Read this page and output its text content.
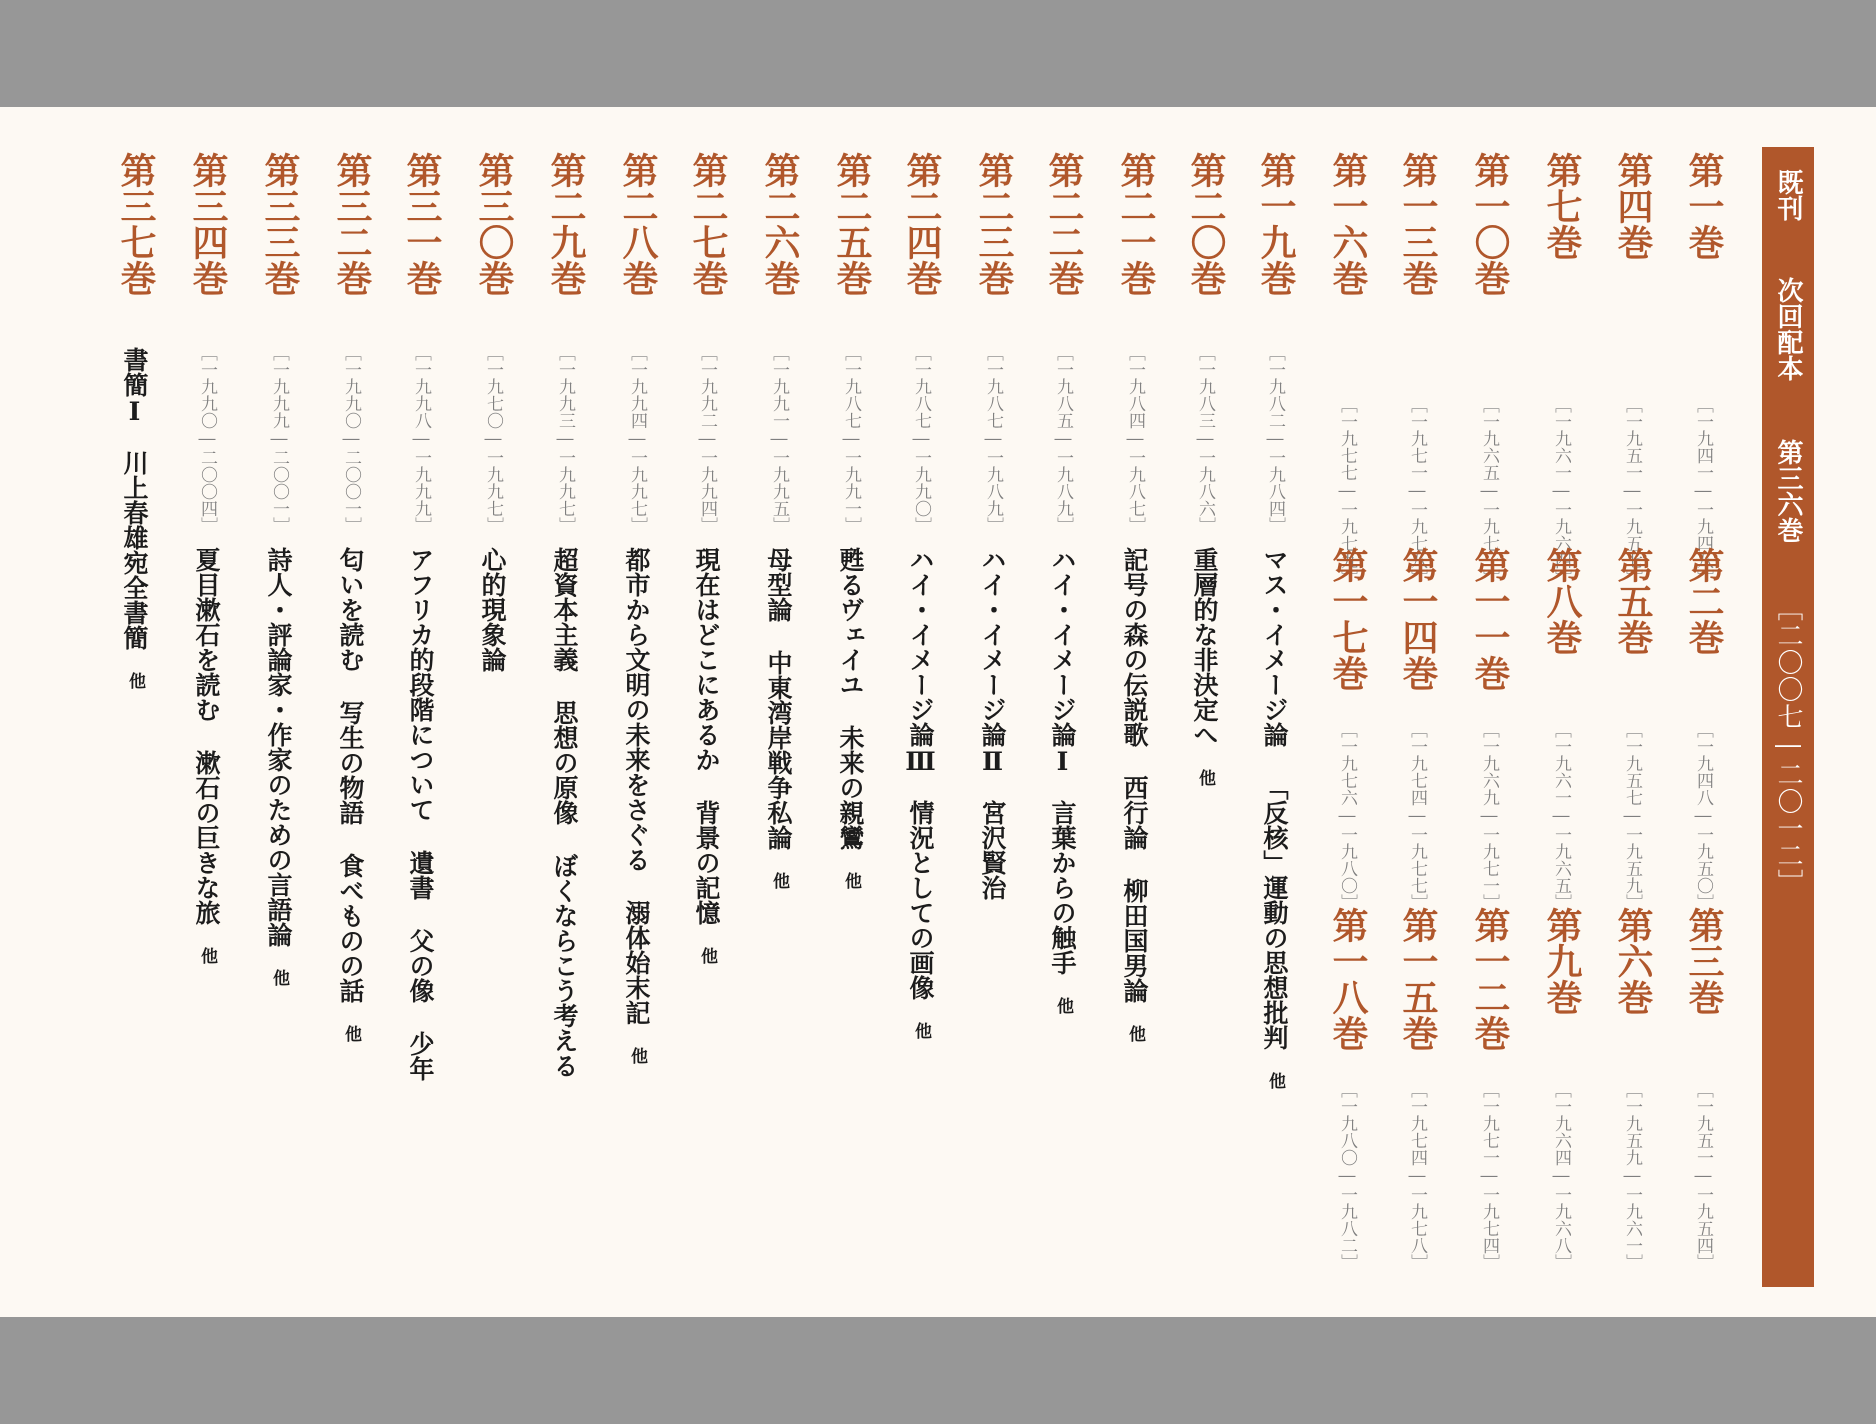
既刊
次回配本
第三六巻
［二〇〇七―二〇一二］
第一巻
［一九四一―一九四八］
第二巻
［一九四八―一九五〇］
第三巻
［一九五一―一九五四］
第四巻
［一九五一―一九五七］
第五巻
［一九五七―一九五九］
第六巻
［一九五九―一九六一］
第七巻
［一九六一―一九六四］
第八巻
［一九六一―一九六五］
第九巻
［一九六四―一九六八］
第一〇巻
［一九六五―一九七一］
第一一巻
［一九六九―一九七一］
第一二巻
［一九七一―一九七四］
第一三巻
［一九七一―一九七八］
第一四巻
［一九七四―一九七七］
第一五巻
［一九七四―一九七八］
第一六巻
［一九七七―一九七九］
第一七巻
［一九七六―一九八〇］
第一八巻
［一九八〇―一九八二］
第一九巻
［一九八二―一九八四］
マス・イメージ論
「反核」運動の思想批判
他
第二〇巻
［一九八三―一九八六］
重層的な非決定へ
他
第二一巻
［一九八四―一九八七］
記号の森の伝説歌
西行論
柳田国男論
他
第二二巻
［一九八五―一九八九］
ハイ・イメージ論Ⅰ
言葉からの触手
他
第二三巻
［一九八七―一九八九］
ハイ・イメージ論Ⅱ
宮沢賢治
第二四巻
［一九八七―一九九〇］
ハイ・イメージ論Ⅲ
情況としての画像
他
第二五巻
［一九八七―一九九一］
甦るヴェイユ
未来の親鸞
他
第二六巻
［一九九一―一九九五］
母型論
中東湾岸戦争私論
他
第二七巻
［一九九二―一九九四］
現在はどこにあるか
背景の記憶
他
第二八巻
［一九九四―一九九七］
都市から文明の未来をさぐる
溺体始末記
他
第二九巻
［一九九三―一九九七］
超資本主義
思想の原像
ぼくならこう考える
第三〇巻
［一九七〇―一九九七］
心的現象論
第三一巻
［一九九八―一九九九］
アフリカ的段階について
遺書
父の像
少年
第三二巻
［一九九〇―二〇〇一］
匂いを読む
写生の物語
食べものの話
他
第三三巻
［一九九九―二〇〇一］
詩人・評論家・作家のための言語論
他
第三四巻
［一九九〇―二〇〇四］
夏目漱石を読む
漱石の巨きな旅
他
第三七巻
書簡Ⅰ
川上春雄宛全書簡
他
